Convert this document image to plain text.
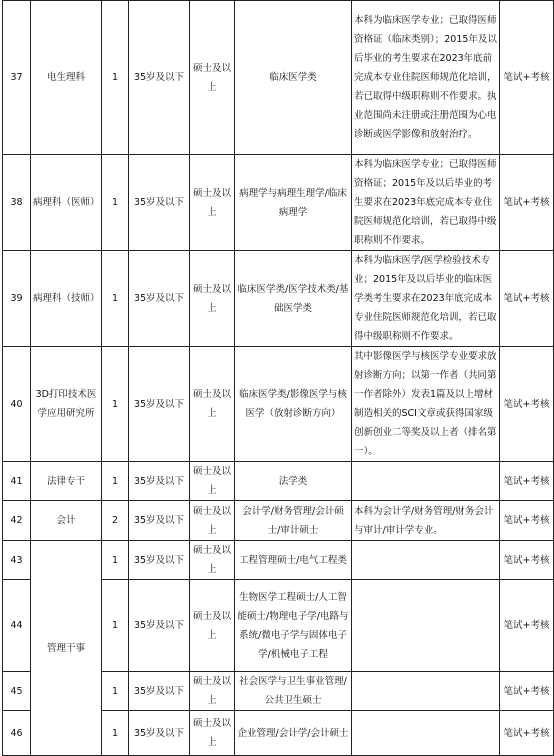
37	电生理科	1	35岁及以下	硕士及以上	临床医学类	本科为临床医学专业；已取得医师资格证（临床类别）；2015年及以后毕业的考生要求在2023年底前完成本专业住院医师规范化培训，若已取得中级职称则不作要求。执业范围尚未注册或注册范围为心电诊断或医学影像和放射治疗。	笔试+考核
38	病理科（医师）	1	35岁及以下	硕士及以上	病理学与病理生理学/临床病理学	本科为临床医学专业；已取得医师资格证；2015年及以后毕业的考生要求在2023年底完成本专业住院医师规范化培训，若已取得中级职称则不作要求。	笔试+考核
39	病理科（技师）	1	35岁及以下	硕士及以上	临床医学类/医学技术类/基础医学类	本科为临床医学/医学检验技术专业；2015年及以后毕业的临床医学类考生要求在2023年底完成本专业住院医师规范化培训，若已取得中级职称则不作要求。	笔试+考核
40	3D打印技术医学应用研究所	1	35岁及以下	硕士及以上	临床医学类/影像医学与核医学（放射诊断方向）	其中影像医学与核医学专业要求放射诊断方向；以第一作者（共同第一作者除外）发表1篇及以上增材制造相关的SCI文章或获得国家级创新创业二等奖及以上者（排名第一）。	笔试+考核
41	法律专干	1	35岁及以下	硕士及以上	法学类		笔试+考核
42	会计	2	35岁及以下	硕士及以上	会计学/财务管理/会计硕士/审计硕士	本科为会计学/财务管理/财务会计与审计/审计学专业。	笔试+考核
43	管理干事	1	35岁及以下	硕士及以上	工程管理硕士/电气工程类		笔试+考核
44		1	35岁及以下	硕士及以上	生物医学工程硕士/人工智能硕士/物理电子学/电路与系统/微电子学与固体电子学/机械电子工程		笔试+考核
45		1	35岁及以下	硕士及以上	社会医学与卫生事业管理/公共卫生硕士		笔试+考核
46		1	35岁及以下	硕士及以上	企业管理/会计学/会计硕士		笔试+考核
